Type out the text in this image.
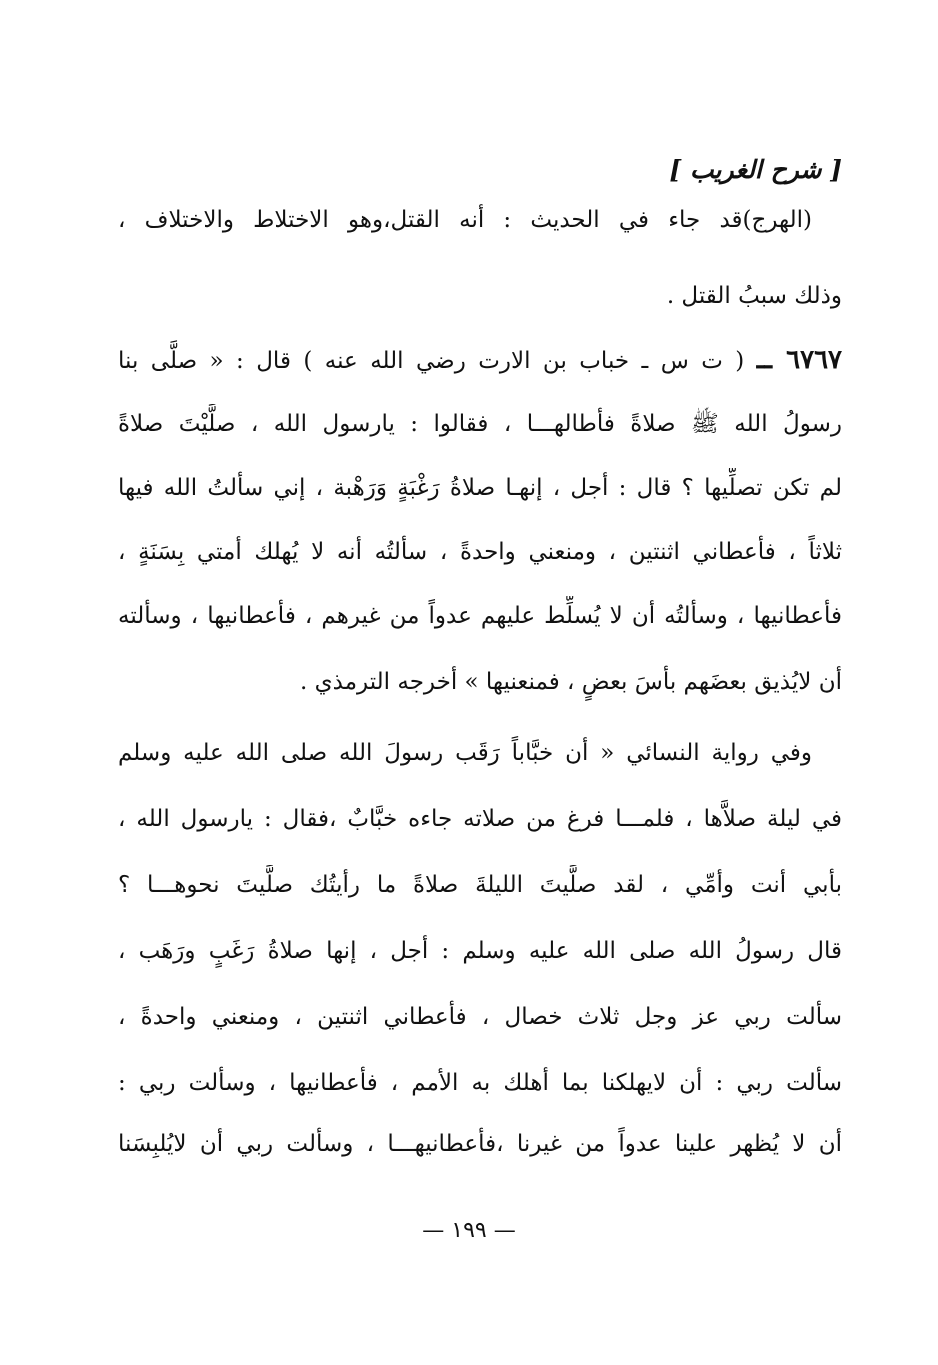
[ شرح الغريب ]
(الهرج)قد جاء في الحديث : أنه القتل،وهو الاختلاط والاختلاف ،
وذلك سببُ القتل .
٦٧٦٧ ــ ( ت س ـ خباب بن الارت رضي الله عنه ) قال : « صلَّى بنا
رسولُ الله ﷺ صلاةً فأطالهـــا ، فقالوا : يارسول الله ، صلَّيْتَ صلاةً
لم تكن تصلِّيها ؟ قال : أجل ، إنهـا صلاةُ رَغْبَةٍ وَرَهْبة ، إني سألتُ الله فيها
ثلاثاً ، فأعطاني اثنتين ، ومنعني واحدةً ، سألتُه أنه لا يُهلك أمتي بِسَنَةٍ ،
فأعطانيها ، وسألتُه أن لا يُسلِّط عليهم عدواً من غيرهم ، فأعطانيها ، وسألته
أن لايُذيق بعضَهم بأسَ بعضٍ ، فمنعنيها » أخرجه الترمذي .
وفي رواية النسائي « أن خبَّاباً رَقَب رسولَ الله صلى الله عليه وسلم
في ليلة صلاَّها ، فلمـــا فرغ من صلاته جاءه خبَّابٌ ،فقال : يارسول الله ،
بأبي أنت وأمِّي ، لقد صلَّيتَ الليلةَ صلاةً ما رأيتُك صلَّيتَ نحوهـــا ؟
قال رسولُ الله صلى الله عليه وسلم : أجل ، إنها صلاةُ رَغَبٍ ورَهَب ،
سألت ربي عز وجل ثلاث خصال ، فأعطاني اثنتين ، ومنعني واحدةً ،
سألت ربي : أن لايهلكنا بما أهلك به الأمم ، فأعطانيها ، وسألت ربي :
أن لا يُظهر علينا عدواً من غيرنا ،فأعطانيهـــا ، وسألت ربي أن لايُلبِسَنا
— ١٩٩ —
